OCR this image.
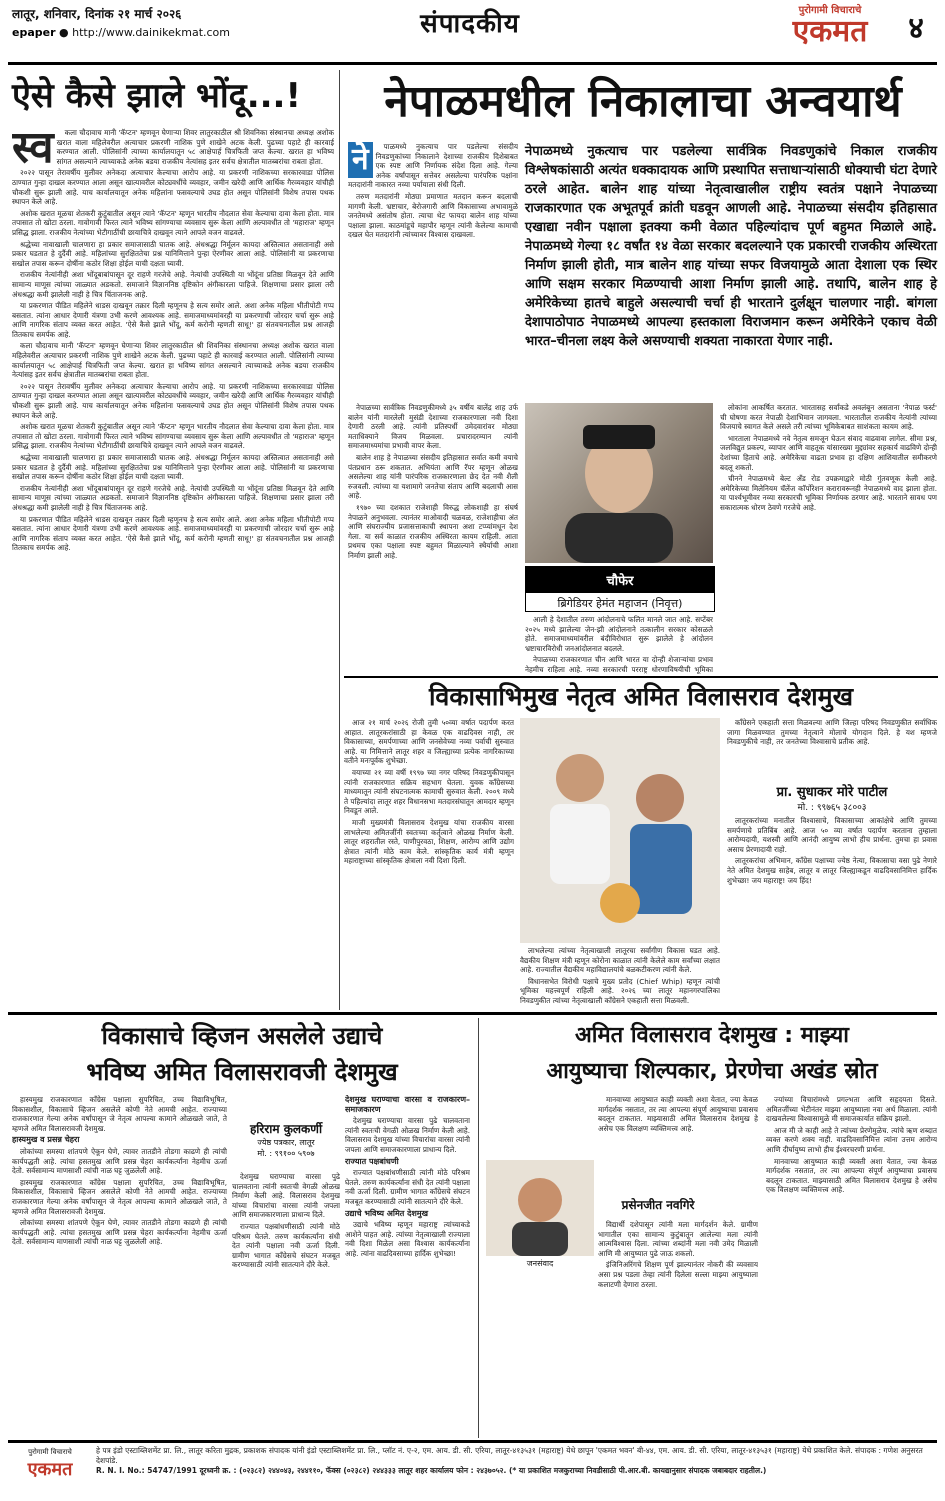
लातूर, शनिवार, दिनांक २१ मार्च २०२६
epaper ● http://www.dainikekmat.com	संपादकीय	पुरोगामी विचाराचे
एकमत	४
ऐसे कैसे झाले भोंदू...!
स्व	कला चौदावाच मानी 'कॅप्टन' म्हणवून घेणाऱ्या शिवर लातुरकाठील श्री शिवनिका संस्थानचा अध्यक्ष अशोक खरात वाला महिलेवरील अत्याचार प्रकरणी नाशिक पुणे शाखेने अटक केली. पुढच्या पहाटे ही कारवाई करण्यात आली. पोलिसांनी त्याच्या कार्यालयातून ५८ आक्षेपार्ह चित्रफिती जप्त केल्या. खरात हा भविष्य सांगत असल्याने त्याच्याकडे अनेक बडया राजकीय नेत्यांसह इतर सर्वच क्षेत्रातील मातब्बरांचा राबता होता.

२०२२ पासून तेरावर्षीय मुलीवर अनेकदा अत्याचार केल्याचा आरोप आहे. या प्रकरणी नाशिकच्या सरकारवाडा पोलिस ठाण्यात गुन्हा दाखल करण्यात आला असून खात्यावरील कोट्यवधींचे व्यवहार, जमीन खरेदी आणि आर्थिक गैरव्यवहार यांचीही चौकशी सुरू झाली आहे. याच कार्यालयातून अनेक महिलांना फसवल्याचे उघड होत असून पोलिसांनी विशेष तपास पथक स्थापन केले आहे.

अशोक खरात मूळचा शेतकरी कुटुंबातील असून त्याने 'कॅप्टन' म्हणून भारतीय नौदलात सेवा केल्याचा दावा केला होता. मात्र तपासात तो खोटा ठरला. गावोगावी फिरत त्याने भविष्य सांगण्याचा व्यवसाय सुरू केला आणि अल्पावधीत तो 'महाराज' म्हणून प्रसिद्ध झाला. राजकीय नेत्यांच्या भेटीगाठींची छायाचित्रे दाखवून त्याने आपले वजन वाढवले.

श्रद्धेच्या नावाखाली चालणारा हा प्रकार समाजासाठी घातक आहे. अंधश्रद्धा निर्मूलन कायदा अस्तित्वात असतानाही असे प्रकार घडतात हे दुर्दैवी आहे. महिलांच्या सुरक्षिततेचा प्रश्न यानिमित्ताने पुन्हा ऐरणीवर आला आहे. पोलिसांनी या प्रकरणाचा सखोल तपास करून दोषींना कठोर शिक्षा होईल याची दक्षता घ्यावी.

राजकीय नेत्यांनीही अशा भोंदूबाबांपासून दूर राहणे गरजेचे आहे. नेत्यांची उपस्थिती या भोंदूंना प्रतिष्ठा मिळवून देते आणि सामान्य माणूस त्यांच्या जाळ्यात अडकतो. समाजाने विज्ञाननिष्ठ दृष्टिकोन अंगीकारला पाहिजे. शिक्षणाचा प्रसार झाला तरी अंधश्रद्धा कमी झालेली नाही हे चित्र चिंताजनक आहे.

या प्रकरणात पीडित महिलेने धाडस दाखवून तक्रार दिली म्हणूनच हे सत्य समोर आले. अशा अनेक महिला भीतीपोटी गप्प बसतात. त्यांना आधार देणारी यंत्रणा उभी करणे आवश्यक आहे. समाजमाध्यमांवरही या प्रकरणाची जोरदार चर्चा सुरू आहे आणि नागरिक संताप व्यक्त करत आहेत. 'ऐसे कैसे झाले भोंदू, कर्म करोनी म्हणती साधू!' हा संतवचनातील प्रश्न आजही तितकाच समर्पक आहे.

कला चौदावाच मानी 'कॅप्टन' म्हणवून घेणाऱ्या शिवर लातुरकाठील श्री शिवनिका संस्थानचा अध्यक्ष अशोक खरात वाला महिलेवरील अत्याचार प्रकरणी नाशिक पुणे शाखेने अटक केली. पुढच्या पहाटे ही कारवाई करण्यात आली. पोलिसांनी त्याच्या कार्यालयातून ५८ आक्षेपार्ह चित्रफिती जप्त केल्या. खरात हा भविष्य सांगत असल्याने त्याच्याकडे अनेक बडया राजकीय नेत्यांसह इतर सर्वच क्षेत्रातील मातब्बरांचा राबता होता.

२०२२ पासून तेरावर्षीय मुलीवर अनेकदा अत्याचार केल्याचा आरोप आहे. या प्रकरणी नाशिकच्या सरकारवाडा पोलिस ठाण्यात गुन्हा दाखल करण्यात आला असून खात्यावरील कोट्यवधींचे व्यवहार, जमीन खरेदी आणि आर्थिक गैरव्यवहार यांचीही चौकशी सुरू झाली आहे. याच कार्यालयातून अनेक महिलांना फसवल्याचे उघड होत असून पोलिसांनी विशेष तपास पथक स्थापन केले आहे.

अशोक खरात मूळचा शेतकरी कुटुंबातील असून त्याने 'कॅप्टन' म्हणून भारतीय नौदलात सेवा केल्याचा दावा केला होता. मात्र तपासात तो खोटा ठरला. गावोगावी फिरत त्याने भविष्य सांगण्याचा व्यवसाय सुरू केला आणि अल्पावधीत तो 'महाराज' म्हणून प्रसिद्ध झाला. राजकीय नेत्यांच्या भेटीगाठींची छायाचित्रे दाखवून त्याने आपले वजन वाढवले.

श्रद्धेच्या नावाखाली चालणारा हा प्रकार समाजासाठी घातक आहे. अंधश्रद्धा निर्मूलन कायदा अस्तित्वात असतानाही असे प्रकार घडतात हे दुर्दैवी आहे. महिलांच्या सुरक्षिततेचा प्रश्न यानिमित्ताने पुन्हा ऐरणीवर आला आहे. पोलिसांनी या प्रकरणाचा सखोल तपास करून दोषींना कठोर शिक्षा होईल याची दक्षता घ्यावी.

राजकीय नेत्यांनीही अशा भोंदूबाबांपासून दूर राहणे गरजेचे आहे. नेत्यांची उपस्थिती या भोंदूंना प्रतिष्ठा मिळवून देते आणि सामान्य माणूस त्यांच्या जाळ्यात अडकतो. समाजाने विज्ञाननिष्ठ दृष्टिकोन अंगीकारला पाहिजे. शिक्षणाचा प्रसार झाला तरी अंधश्रद्धा कमी झालेली नाही हे चित्र चिंताजनक आहे.

या प्रकरणात पीडित महिलेने धाडस दाखवून तक्रार दिली म्हणूनच हे सत्य समोर आले. अशा अनेक महिला भीतीपोटी गप्प बसतात. त्यांना आधार देणारी यंत्रणा उभी करणे आवश्यक आहे. समाजमाध्यमांवरही या प्रकरणाची जोरदार चर्चा सुरू आहे आणि नागरिक संताप व्यक्त करत आहेत. 'ऐसे कैसे झाले भोंदू, कर्म करोनी म्हणती साधू!' हा संतवचनातील प्रश्न आजही तितकाच समर्पक आहे.

नेपाळमधील निकालाचा अन्वयार्थ
ने	पाळमध्ये नुकत्याच पार पडलेल्या संसदीय निवडणुकांच्या निकालाने देशाच्या राजकीय दिशेबाबत एक स्पष्ट आणि निर्णायक संदेश दिला आहे. गेल्या अनेक वर्षांपासून सत्तेवर असलेल्या पारंपरिक पक्षांना मतदारांनी नाकारत नव्या पर्यायाला संधी दिली.

तरुण मतदारांनी मोठ्या प्रमाणात मतदान करून बदलाची मागणी केली. भ्रष्टाचार, बेरोजगारी आणि विकासाच्या अभावामुळे जनतेमध्ये असंतोष होता. त्याचा थेट फायदा बालेन शाह यांच्या पक्षाला झाला. काठमांडूचे महापौर म्हणून त्यांनी केलेल्या कामाची दखल घेत मतदारांनी त्यांच्यावर विश्वास दाखवला.

नेपाळमध्ये नुकत्याच पार पडलेल्या सार्वत्रिक निवडणुकांचे निकाल राजकीय विश्लेषकांसाठी अत्यंत धक्कादायक आणि प्रस्थापित सत्ताधाऱ्यांसाठी धोक्याची घंटा देणारे ठरले आहेत. बालेन शाह यांच्या नेतृत्वाखालील राष्ट्रीय स्वतंत्र पक्षाने नेपाळच्या राजकारणात एक अभूतपूर्व क्रांती घडवून आणली आहे. नेपाळच्या संसदीय इतिहासात एखाद्या नवीन पक्षाला इतक्या कमी वेळात पहिल्यांदाच पूर्ण बहुमत मिळाले आहे. नेपाळमध्ये गेल्या १८ वर्षांत १४ वेळा सरकार बदलल्याने एक प्रकारची राजकीय अस्थिरता निर्माण झाली होती, मात्र बालेन शाह यांच्या सफर विजयामुळे आता देशाला एक स्थिर आणि सक्षम सरकार मिळण्याची आशा निर्माण झाली आहे. तथापि, बालेन शाह हे अमेरिकेच्या हातचे बाहुले असल्याची चर्चा ही भारताने दुर्लक्षून चालणार नाही. बांगला देशापाठोपाठ नेपाळमध्ये आपल्या हस्तकाला विराजमान करून अमेरिकेने एकाच वेळी भारत–चीनला लक्ष्य केले असण्याची शक्यता नाकारता येणार नाही.

नेपाळच्या सार्वत्रिक निवडणुकीमध्ये ३५ वर्षीय बालेंद्र शाह उर्फ बालेन यांनी मारलेली मुसंडी देशाच्या राजकारणाला नवी दिशा देणारी ठरली आहे. त्यांनी प्रतिस्पर्धी उमेदवारांवर मोठ्या मताधिक्याने विजय मिळवला. प्रचारादरम्यान त्यांनी समाजमाध्यमांचा प्रभावी वापर केला.

बालेन शाह हे नेपाळच्या संसदीय इतिहासात सर्वात कमी वयाचे पंतप्रधान ठरू शकतात. अभियंता आणि रॅपर म्हणून ओळख असलेल्या शाह यांनी पारंपरिक राजकारणाला छेद देत नवी शैली रुजवली. त्यांच्या या यशामागे जनतेचा संताप आणि बदलाची आस आहे.

१९७० च्या दशकात राजेशाही विरुद्ध लोकशाही हा संघर्ष नेपाळने अनुभवला. त्यानंतर माओवादी चळवळ, राजेशाहीचा अंत आणि संघराज्यीय प्रजासत्ताकाची स्थापना अशा टप्प्यांमधून देश गेला. या सर्व काळात राजकीय अस्थिरता कायम राहिली. आता प्रथमच एका पक्षाला स्पष्ट बहुमत मिळाल्याने स्थैर्याची आशा निर्माण झाली आहे.

चौफेर
ब्रिगेडियर हेमंत महाजन (निवृत्त)

आली हे देशातील तरुण आंदोलनाचे फलित मानले जात आहे. सप्टेंबर २०२५ मध्ये झालेल्या जेन-झी आंदोलनाने तत्कालीन सरकार कोसळले होते. समाजमाध्यमांवरील बंदीविरोधात सुरू झालेले हे आंदोलन भ्रष्टाचारविरोधी जनआंदोलनात बदलले.

नेपाळच्या राजकारणात चीन आणि भारत या दोन्ही शेजाऱ्यांचा प्रभाव नेहमीच राहिला आहे. नव्या सरकारची परराष्ट्र धोरणाविषयीची भूमिका

लोकांना आकर्षित करतात. भारतासह सर्वांकडे अवलंबून असताना 'नेपाळ फर्स्ट' ची घोषणा करत नेपाळी देशाभिमान जागवला. भारतातील राजकीय नेत्यांनी त्यांच्या विजयाचे स्वागत केले असले तरी त्यांच्या भूमिकेबाबत साशंकता कायम आहे.

भारताला नेपाळमध्ये नवे नेतृत्व समजून घेऊन संवाद वाढवावा लागेल. सीमा प्रश्न, जलविद्युत प्रकल्प, व्यापार आणि वाहतूक यांसारख्या मुद्द्यांवर सहकार्य वाढविणे दोन्ही देशांच्या हिताचे आहे. अमेरिकेचा वाढता प्रभाव हा दक्षिण आशियातील समीकरणे बदलू शकतो.

चीनने नेपाळमध्ये बेल्ट अँड रोड उपक्रमाद्वारे मोठी गुंतवणूक केली आहे. अमेरिकेच्या मिलेनियम चॅलेंज कॉर्पोरेशन करारावरूनही नेपाळमध्ये वाद झाला होता. या पार्श्वभूमीवर नव्या सरकारची भूमिका निर्णायक ठरणार आहे. भारताने सावध पण सकारात्मक धोरण ठेवणे गरजेचे आहे.

विकासाभिमुख नेतृत्व अमित विलासराव देशमुख

आज २१ मार्च २०२६ रोजी तुमी ५०व्या वर्षात पदार्पण करत आहात. लातूरकरांसाठी हा केवळ एक वाढदिवस नाही, तर विकासाच्या, समर्पणाच्या आणि जनसेवेच्या नव्या पर्वाची सुरुवात आहे. या निमित्ताने लातूर शहर व जिल्ह्याच्या प्रत्येक नागरिकाच्या वतीने मनःपूर्वक शुभेच्छा.

वयाच्या २१ व्या वर्षी १९९७ च्या नगर परिषद निवडणुकीपासून त्यांनी राजकारणात सक्रिय सहभाग घेतला. युवक काँग्रेसच्या माध्यमातून त्यांनी संघटनात्मक कामाची सुरुवात केली. २००९ मध्ये ते पहिल्यांदा लातूर शहर विधानसभा मतदारसंघातून आमदार म्हणून निवडून आले.

माजी मुख्यमंत्री विलासराव देशमुख यांचा राजकीय वारसा लाभलेल्या अमितजींनी स्वतःच्या कर्तृत्वाने ओळख निर्माण केली. लातूर शहरातील रस्ते, पाणीपुरवठा, शिक्षण, आरोग्य आणि उद्योग क्षेत्रात त्यांनी मोठे काम केले. सांस्कृतिक कार्य मंत्री म्हणून महाराष्ट्राच्या सांस्कृतिक क्षेत्राला नवी दिशा दिली.

लाभलेल्या त्यांच्या नेतृत्वाखाली लातूरचा सर्वांगीण विकास घडत आहे. वैद्यकीय शिक्षण मंत्री म्हणून कोरोना काळात त्यांनी केलेले काम सर्वांच्या लक्षात आहे. राज्यातील वैद्यकीय महाविद्यालयांचे बळकटीकरण त्यांनी केले.

विधानसभेत विरोधी पक्षाचे मुख्य प्रतोद (Chief Whip) म्हणून त्यांची भूमिका महत्त्वपूर्ण राहिली आहे. २०२६ च्या लातूर महानगरपालिका निवडणुकीत त्यांच्या नेतृत्वाखाली काँग्रेसने एकहाती सत्ता मिळवली.

काँग्रेसने एकहाती सत्ता मिळवल्या आणि जिल्हा परिषद निवडणुकीत सर्वाधिक जागा मिळवण्यात तुमच्या नेतृत्वाने मोलाचे योगदान दिले. हे यश म्हणजे निवडणुकीचे नाही, तर जनतेच्या विश्वासाचे प्रतीक आहे.

प्रा. सुधाकर मोरे पाटील
मो. : ९९७६५ ३८००३

लातूरकरांच्या मनातील विश्वासाचे, विकासाच्या आकांक्षेचे आणि तुमच्या समर्पणाचे प्रतिबिंब आहे. आज ५० व्या वर्षात पदार्पण करताना तुम्हाला आरोग्यदायी, यशस्वी आणि आनंदी आयुष्य लाभो हीच प्रार्थना. तुमचा हा प्रवास असाच प्रेरणादायी राहो.

लातूरकरांचा अभिमान, काँग्रेस पक्षाच्या ज्येष्ठ नेत्या, विकासाचा वसा पुढे नेणारे नेते अमित देशमुख साहेब, लातूर व लातूर जिल्ह्याकडून वाढदिवसानिमित्त हार्दिक शुभेच्छा! जय महाराष्ट्र! जय हिंद!

विकासाचे व्हिजन असलेले उद्याचे
भविष्य अमित विलासरावजी देशमुख

हास्यमुख राजकारणात काँग्रेस पक्षाला सुपरिचित, उच्च विद्याविभूषित, विकासशील, विकासाचे व्हिजन असलेले कोणी नेते आमची आहेत. राज्याच्या राजकारणात गेल्या अनेक वर्षांपासून जे नेतृत्व आपल्या कामाने ओळखले जाते, ते म्हणजे अमित विलासरावजी देशमुख.

हास्यमुख व प्रसन्न चेहरा

लोकांच्या समस्या शांतपणे ऐकून घेणे, त्यावर तातडीने तोडगा काढणे ही त्यांची कार्यपद्धती आहे. त्यांचा हसतमुख आणि प्रसन्न चेहरा कार्यकर्त्यांना नेहमीच ऊर्जा देतो. सर्वसामान्य माणसाशी त्यांची नाळ घट्ट जुळलेली आहे.

हास्यमुख राजकारणात काँग्रेस पक्षाला सुपरिचित, उच्च विद्याविभूषित, विकासशील, विकासाचे व्हिजन असलेले कोणी नेते आमची आहेत. राज्याच्या राजकारणात गेल्या अनेक वर्षांपासून जे नेतृत्व आपल्या कामाने ओळखले जाते, ते म्हणजे अमित विलासरावजी देशमुख.

लोकांच्या समस्या शांतपणे ऐकून घेणे, त्यावर तातडीने तोडगा काढणे ही त्यांची कार्यपद्धती आहे. त्यांचा हसतमुख आणि प्रसन्न चेहरा कार्यकर्त्यांना नेहमीच ऊर्जा देतो. सर्वसामान्य माणसाशी त्यांची नाळ घट्ट जुळलेली आहे.

हरिराम कुलकर्णी
ज्येष्ठ पत्रकार, लातूर
मो. : ९९१०० ५९०७

देशमुख घराण्याचा वारसा पुढे चालवताना त्यांनी स्वतःची वेगळी ओळख निर्माण केली आहे. विलासराव देशमुख यांच्या विचारांचा वारसा त्यांनी जपला आणि समाजकारणाला प्राधान्य दिले.

राज्यात पक्षबांधणीसाठी त्यांनी मोठे परिश्रम घेतले. तरुण कार्यकर्त्यांना संधी देत त्यांनी पक्षाला नवी ऊर्जा दिली. ग्रामीण भागात काँग्रेसचे संघटन मजबूत करण्यासाठी त्यांनी सातत्याने दौरे केले.

देशमुख घराण्याचा वारसा व राजकारण–समाजकारण

देशमुख घराण्याचा वारसा पुढे चालवताना त्यांनी स्वतःची वेगळी ओळख निर्माण केली आहे. विलासराव देशमुख यांच्या विचारांचा वारसा त्यांनी जपला आणि समाजकारणाला प्राधान्य दिले.

राज्यात पक्षबांधणी

राज्यात पक्षबांधणीसाठी त्यांनी मोठे परिश्रम घेतले. तरुण कार्यकर्त्यांना संधी देत त्यांनी पक्षाला नवी ऊर्जा दिली. ग्रामीण भागात काँग्रेसचे संघटन मजबूत करण्यासाठी त्यांनी सातत्याने दौरे केले.

उद्याचे भविष्य अमित देशमुख

उद्याचे भविष्य म्हणून महाराष्ट्र त्यांच्याकडे आशेने पाहत आहे. त्यांच्या नेतृत्वाखाली राज्याला नवी दिशा मिळेल असा विश्वास कार्यकर्त्यांना आहे. त्यांना वाढदिवसाच्या हार्दिक शुभेच्छा!

अमित विलासराव देशमुख : माझ्या
आयुष्याचा शिल्पकार, प्रेरणेचा अखंड स्रोत
प्रसेनजीत नवगिरे
जनसंवाद

मानवाच्या आयुष्यात काही व्यक्ती अशा येतात, ज्या केवळ मार्गदर्शक नसतात, तर त्या आपल्या संपूर्ण आयुष्याचा प्रवासच बदलून टाकतात. माझ्यासाठी अमित विलासराव देशमुख हे असेच एक विलक्षण व्यक्तिमत्त्व आहे.

विद्यार्थी दशेपासून त्यांनी मला मार्गदर्शन केले. ग्रामीण भागातील एका सामान्य कुटुंबातून आलेल्या मला त्यांनी आत्मविश्वास दिला. त्यांच्या शब्दांनी मला नवी उमेद मिळाली आणि मी आयुष्यात पुढे जाऊ शकलो.

इंजिनिअरिंगचे शिक्षण पूर्ण झाल्यानंतर नोकरी की व्यवसाय असा प्रश्न पडला तेव्हा त्यांनी दिलेला सल्ला माझ्या आयुष्याला कलाटणी देणारा ठरला.

ज्यांच्या विचारांमध्ये प्रगल्भता आणि सहृदयता दिसते. अमितजींच्या भेटीनंतर माझ्या आयुष्याला नवा अर्थ मिळाला. त्यांनी दाखवलेल्या विश्वासामुळे मी समाजकार्यात सक्रिय झालो.

आज मी जे काही आहे ते त्यांच्या प्रेरणेमुळेच. त्यांचे ऋण शब्दात व्यक्त करणे शक्य नाही. वाढदिवसानिमित्त त्यांना उत्तम आरोग्य आणि दीर्घायुष्य लाभो हीच ईश्वरचरणी प्रार्थना.

मानवाच्या आयुष्यात काही व्यक्ती अशा येतात, ज्या केवळ मार्गदर्शक नसतात, तर त्या आपल्या संपूर्ण आयुष्याचा प्रवासच बदलून टाकतात. माझ्यासाठी अमित विलासराव देशमुख हे असेच एक विलक्षण व्यक्तिमत्त्व आहे.

पुरोगामी विचाराचे
एकमत
हे पत्र इंडो एस्टाब्लिशमेंट प्रा. लि., लातूर करिता मुद्रक, प्रकाशक संपादक यांनी इंडो एस्टाब्लिशमेंट प्रा. लि., प्लॉट नं. ए-२, एम. आय. डी. सी. एरिया, लातूर-४१३५३१ (महाराष्ट्र) येथे छापून 'एकमत भवन' बी-४४, एम. आय. डी. सी. एरिया, लातूर-४१३५३१ (महाराष्ट्र) येथे प्रकाशित केले. संपादक : गणेश अनुसरत देशपांडे.
R. N. I. No.: 54747/1991 दूरध्वनी क्र. : (०२३८२) २४४०४३, २४४११०, फॅक्स (०२३८२) २४४३३३ लातूर शहर कार्यालय फोन : २४३७०५२. (* या प्रकाशित मजकुराच्या निवडीसाठी पी.आर.बी. कायद्यानुसार संपादक जबाबदार राहतील.)
